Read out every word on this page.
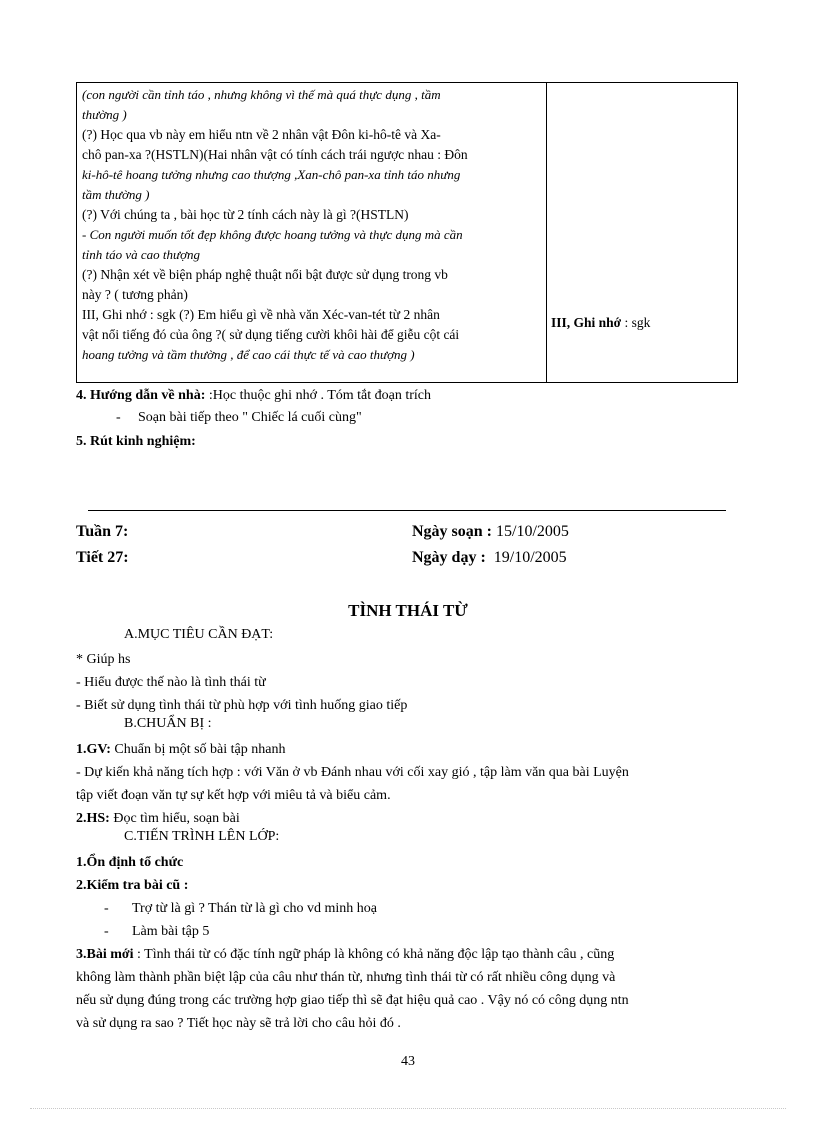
(con người cần tỉnh táo , nhưng không vì thế mà quá thực dụng , tầm
thường )
(?) Học qua vb này em hiểu ntn về 2 nhân vật Đôn ki-hô-tê và Xa-
chô pan-xa ?(HSTLN)(Hai nhân vật có tính cách trái ngược nhau : Đôn
ki-hô-tê hoang tưởng nhưng cao thượng ,Xan-chô pan-xa tỉnh táo nhưng
tầm thường )
(?) Với chúng ta , bài học từ 2 tính cách này là gì ?(HSTLN)
- Con người muốn tốt đẹp không được hoang tưởng và thực dụng mà cần
tỉnh táo và cao thượng
(?) Nhận xét về biện pháp nghệ thuật nổi bật được sử dụng trong vb
này ? ( tương phản)
III, Ghi nhớ : sgk (?) Em hiểu gì về nhà văn Xéc-van-tét từ 2 nhân
vật nổi tiếng đó của ông ?( sử dụng tiếng cười khôi hài để giễu cột cái
hoang tưởng và tầm thường , để cao cái thực tế và cao thượng )
III, Ghi nhớ : sgk
4. Hướng dẫn về nhà: :Học thuộc ghi nhớ . Tóm tắt đoạn trích
- Soạn bài tiếp theo " Chiếc lá cuối cùng"
5. Rút kinh nghiệm:
Tuần 7:
Tiết 27:
Ngày soạn : 15/10/2005
Ngày dạy : 19/10/2005
TÌNH THÁI TỪ
A.MỤC TIÊU CẦN ĐẠT:
* Giúp hs
- Hiểu được thế nào là tình thái từ
- Biết sử dụng tình thái từ phù hợp với tình huống giao tiếp
B.CHUẨN BỊ :
1.GV: Chuẩn bị một số bài tập nhanh
- Dự kiến khả năng tích hợp : với Văn ở vb Đánh nhau với cối xay gió , tập làm văn qua bài Luyện
tập viết đoạn văn tự sự kết hợp với miêu tả và biểu cảm.
2.HS: Đọc tìm hiểu, soạn bài
C.TIẾN TRÌNH LÊN LỚP:
1.Ổn định tổ chức
2.Kiểm tra bài cũ :
- Trợ từ là gì ? Thán từ là gì cho vd minh hoạ
- Làm bài tập 5
3.Bài mới : Tình thái từ có đặc tính ngữ pháp là không có khả năng độc lập tạo thành câu , cũng
không làm thành phần biệt lập của câu như thán từ, nhưng tình thái từ có rất nhiều công dụng và
nếu sử dụng đúng trong các trường hợp giao tiếp thì sẽ đạt hiệu quả cao . Vậy nó có công dụng ntn
và sử dụng ra sao ? Tiết học này sẽ trả lời cho câu hỏi đó .
43
